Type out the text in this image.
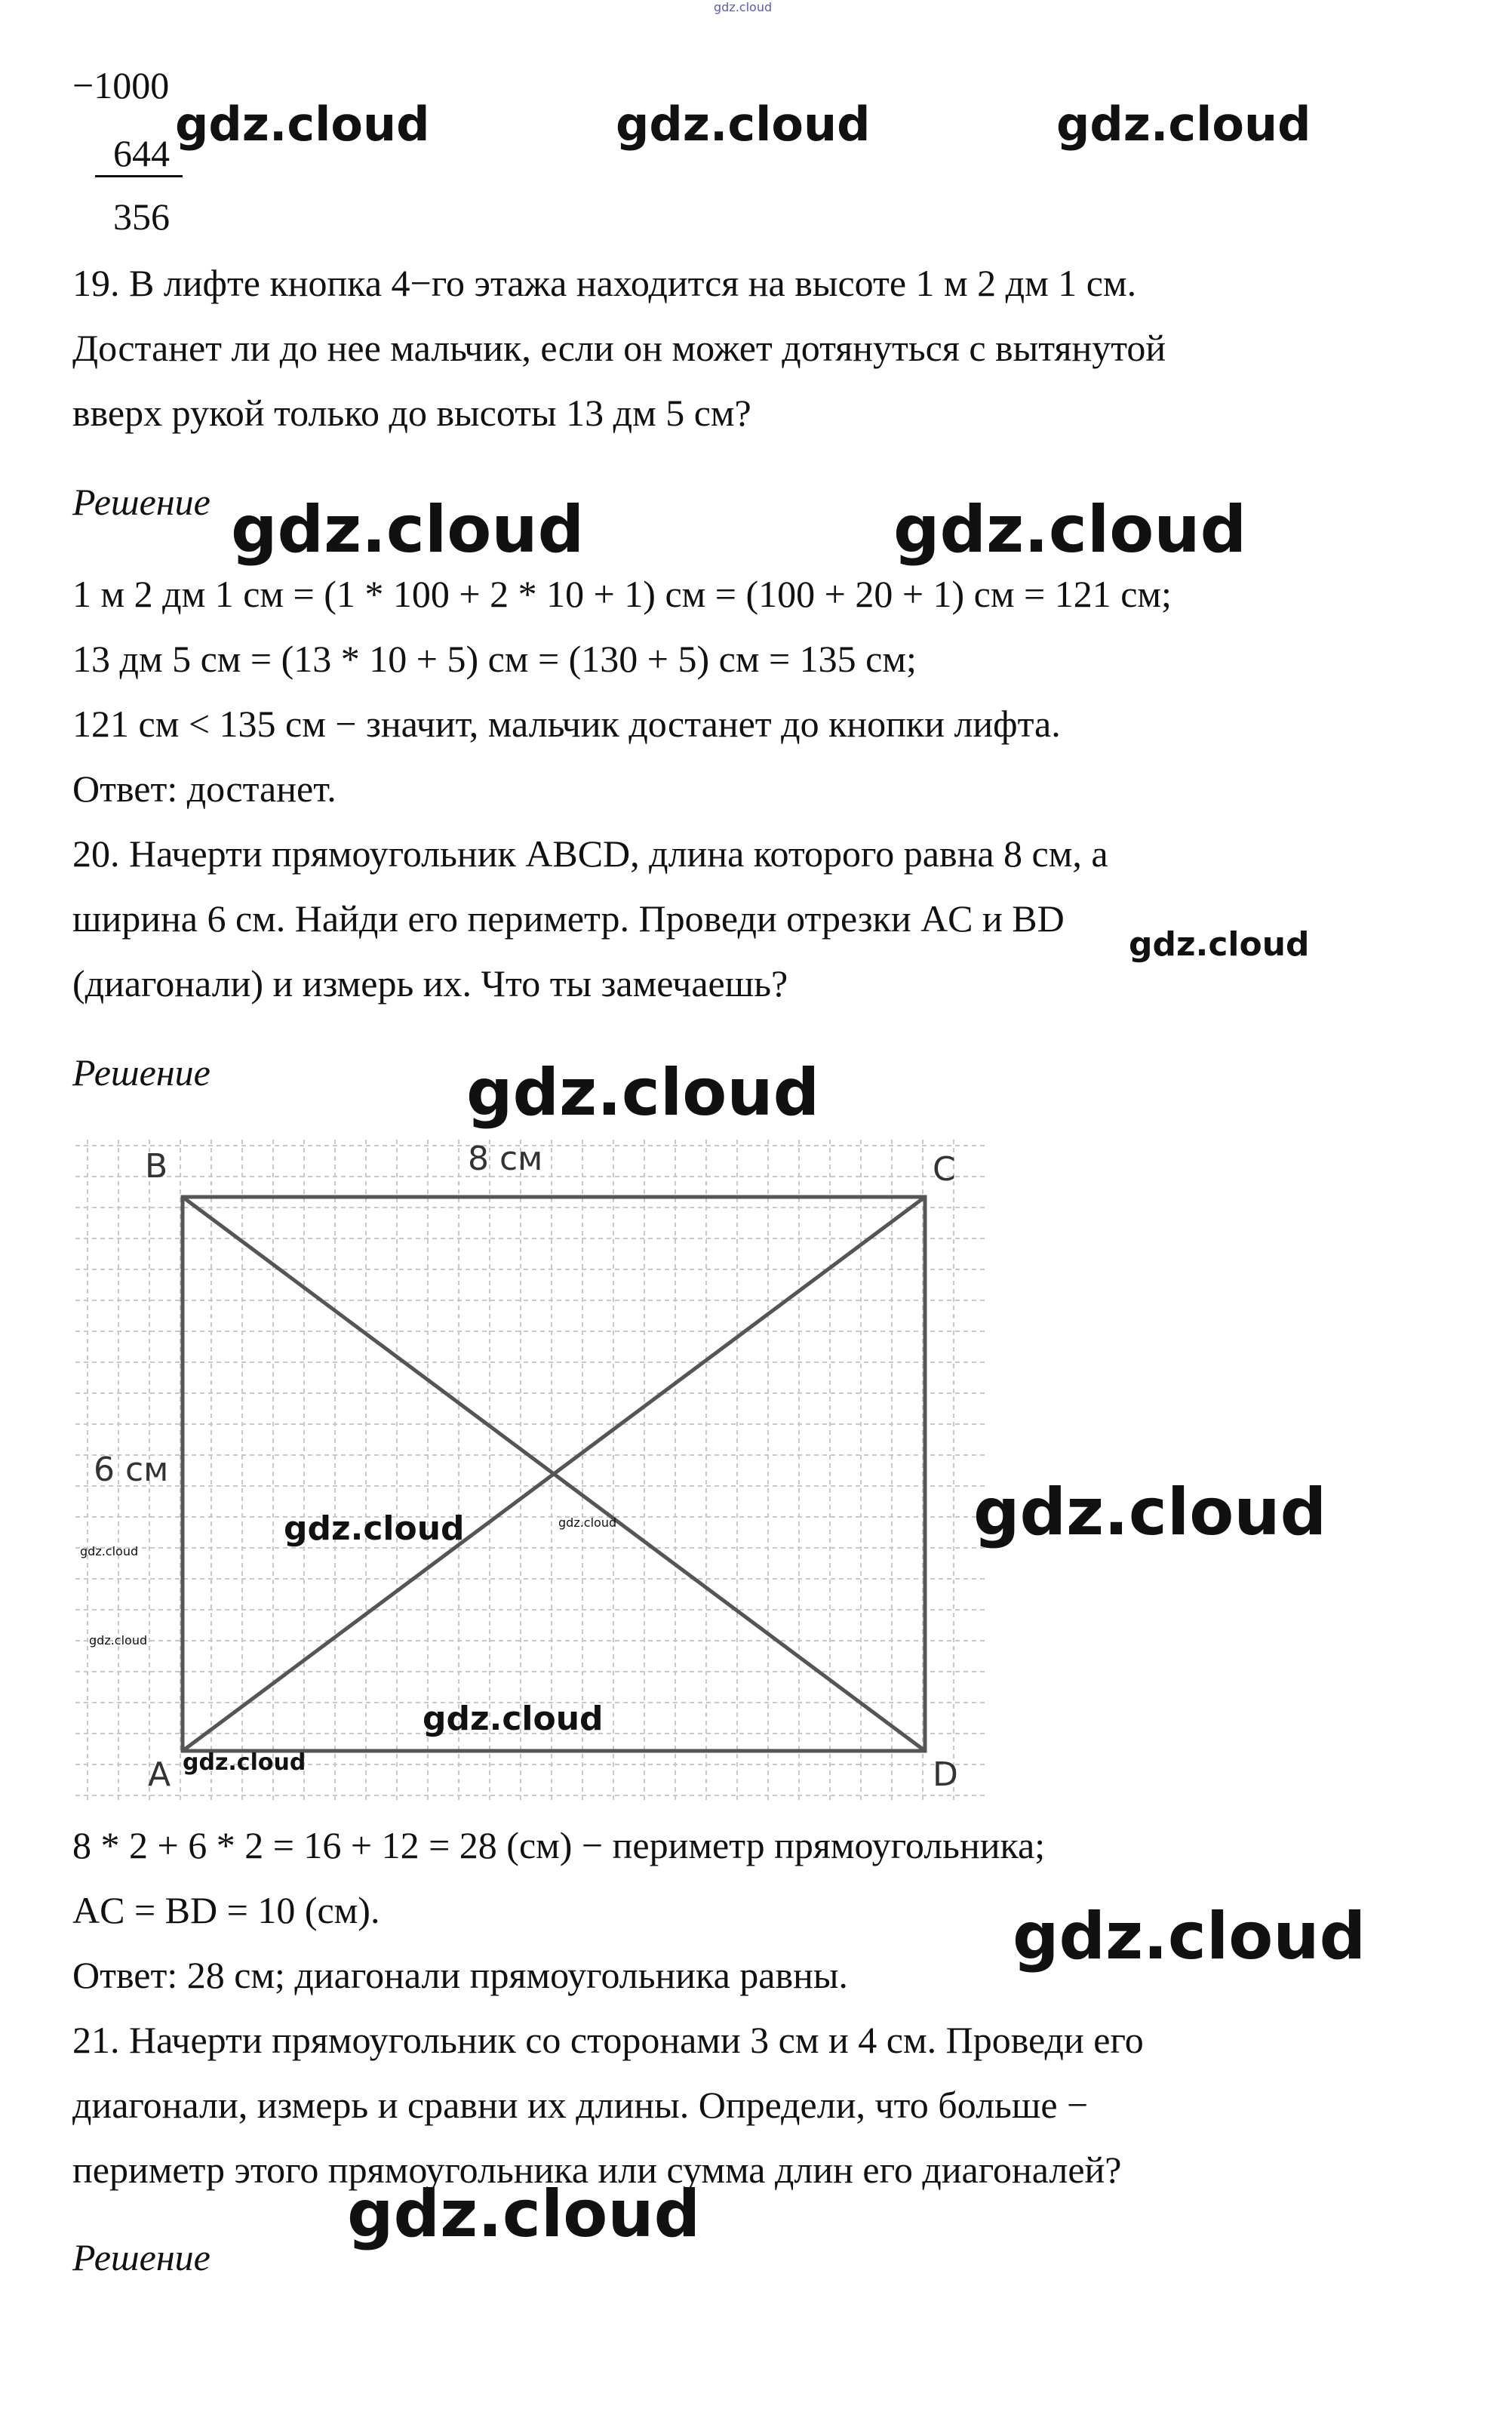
gdz.cloud
−1000
644
356
19. В лифте кнопка 4−го этажа находится на высоте 1 м 2 дм 1 см.
Достанет ли до нее мальчик, если он может дотянуться с вытянутой
вверх рукой только до высоты 13 дм 5 см?
Решение
1 м 2 дм 1 см = (1 * 100 + 2 * 10 + 1) см = (100 + 20 + 1) см = 121 см;
13 дм 5 см = (13 * 10 + 5) см = (130 + 5) см = 135 см;
121 см < 135 см − значит, мальчик достанет до кнопки лифта.
Ответ: достанет.
20. Начерти прямоугольник ABCD, длина которого равна 8 см, а
ширина 6 см. Найди его периметр. Проведи отрезки AC и BD
(диагонали) и измерь их. Что ты замечаешь?
Решение
B	C
A	D
8 см
6 см
8 * 2 + 6 * 2 = 16 + 12 = 28 (см) − периметр прямоугольника;
AC = BD = 10 (см).
Ответ: 28 см; диагонали прямоугольника равны.
21. Начерти прямоугольник со сторонами 3 см и 4 см. Проведи его
диагонали, измерь и сравни их длины. Определи, что больше −
периметр этого прямоугольника или сумма длин его диагоналей?
Решение
gdz.cloud	gdz.cloud	gdz.cloud
gdz.cloud	gdz.cloud
gdz.cloud
gdz.cloud
gdz.cloud
gdz.cloud	gdz.cloud
gdz.cloud
gdz.cloud
gdz.cloud
gdz.cloud
gdz.cloud
gdz.cloud
